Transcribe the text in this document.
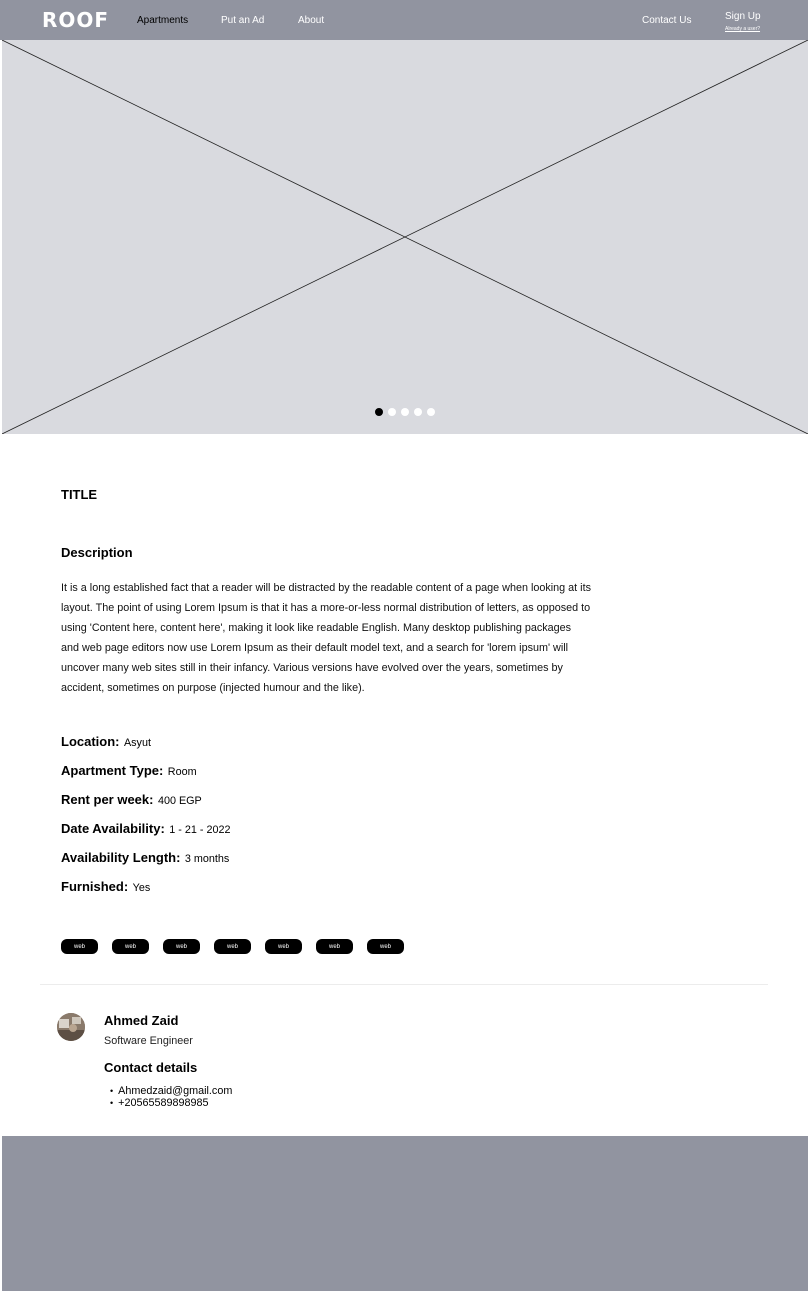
ROOF	Apartments	Put an Ad	About	Contact Us	Sign Up
Already a user?
TITLE
Description

It is a long established fact that a reader will be distracted by the readable content of a page when looking at its layout. The point of using Lorem Ipsum is that it has a more-or-less normal distribution of letters, as opposed to using 'Content here, content here', making it look like readable English. Many desktop publishing packages and web page editors now use Lorem Ipsum as their default model text, and a search for 'lorem ipsum' will uncover many web sites still in their infancy. Various versions have evolved over the years, sometimes by accident, sometimes on purpose (injected humour and the like).

Location: Asyut
Apartment Type: Room
Rent per week: 400 EGP
Date Availability: 1 - 21 - 2022
Availability Length: 3 months
Furnished: Yes
web	web	web	web	web	web	web
Ahmed Zaid
Software Engineer
Contact details
• Ahmedzaid@gmail.com
• +20565589898985
